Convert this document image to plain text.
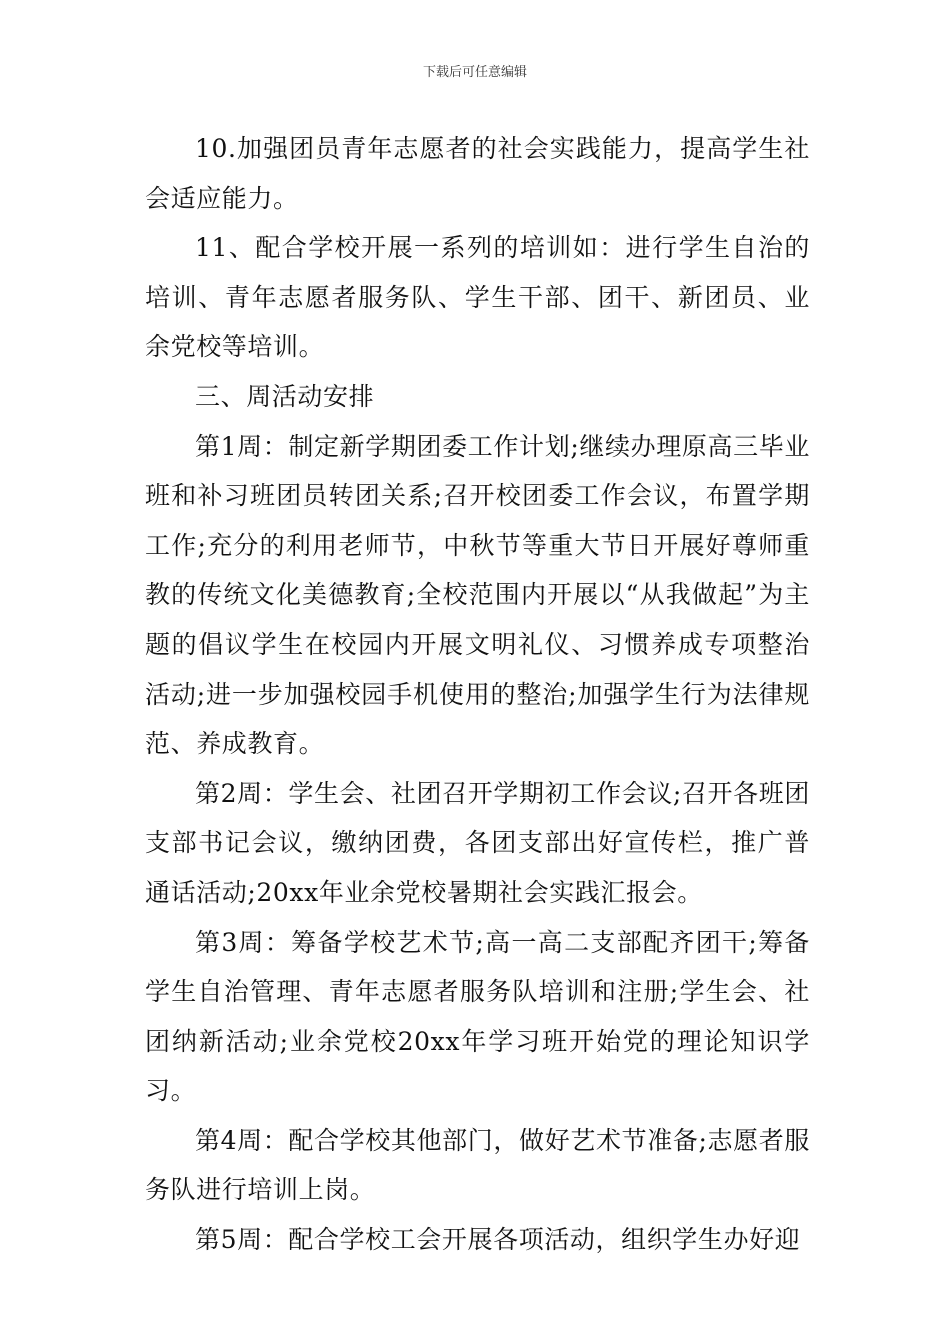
下载后可任意编辑

10.加强团员青年志愿者的社会实践能力，提高学生社会适应能力。

11、配合学校开展一系列的培训如：进行学生自治的培训、青年志愿者服务队、学生干部、团干、新团员、业余党校等培训。

三、周活动安排

第1周：制定新学期团委工作计划;继续办理原高三毕业班和补习班团员转团关系;召开校团委工作会议，布置学期工作;充分的利用老师节，中秋节等重大节日开展好尊师重教的传统文化美德教育;全校范围内开展以“从我做起”为主题的倡议学生在校园内开展文明礼仪、习惯养成专项整治活动;进一步加强校园手机使用的整治;加强学生行为法律规范、养成教育。

第2周：学生会、社团召开学期初工作会议;召开各班团支部书记会议，缴纳团费，各团支部出好宣传栏，推广普通话活动;20xx年业余党校暑期社会实践汇报会。

第3周：筹备学校艺术节;高一高二支部配齐团干;筹备学生自治管理、青年志愿者服务队培训和注册;学生会、社团纳新活动;业余党校20xx年学习班开始党的理论知识学习。

第4周：配合学校其他部门，做好艺术节准备;志愿者服务队进行培训上岗。

第5周：配合学校工会开展各项活动，组织学生办好迎
